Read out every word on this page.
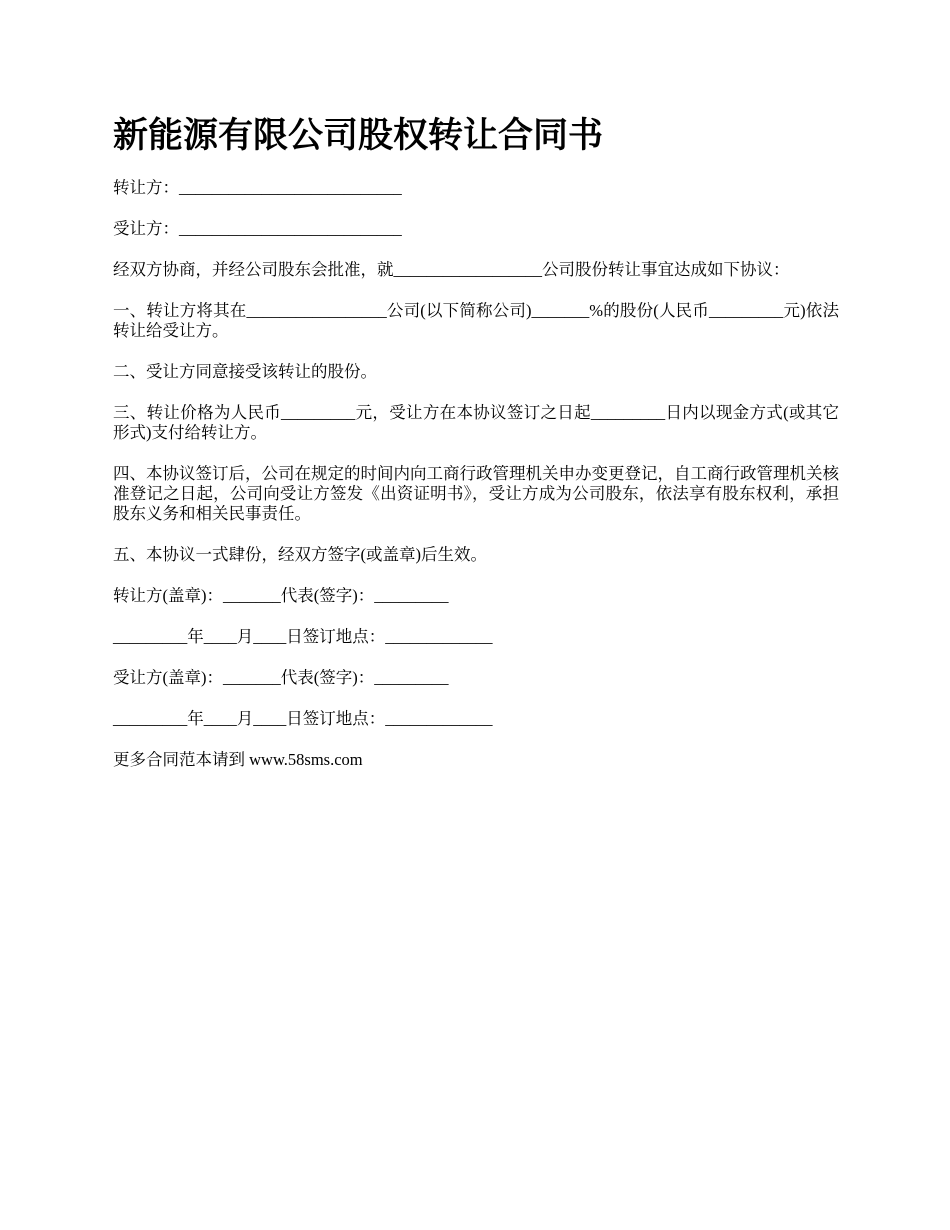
新能源有限公司股权转让合同书

转让方：___________________________

受让方：___________________________

经双方协商，并经公司股东会批准，就__________________公司股份转让事宜达成如下协议：

一、转让方将其在_________________公司(以下简称公司)_______%的股份(人民币_________元)依法转让给受让方。

二、受让方同意接受该转让的股份。

三、转让价格为人民币_________元，受让方在本协议签订之日起_________日内以现金方式(或其它形式)支付给转让方。

四、本协议签订后，公司在规定的时间内向工商行政管理机关申办变更登记，自工商行政管理机关核准登记之日起，公司向受让方签发《出资证明书》，受让方成为公司股东，依法享有股东权利，承担股东义务和相关民事责任。

五、本协议一式肆份，经双方签字(或盖章)后生效。

转让方(盖章)：_______代表(签字)：_________

_________年____月____日签订地点：_____________

受让方(盖章)：_______代表(签字)：_________

_________年____月____日签订地点：_____________

更多合同范本请到 www.58sms.com
